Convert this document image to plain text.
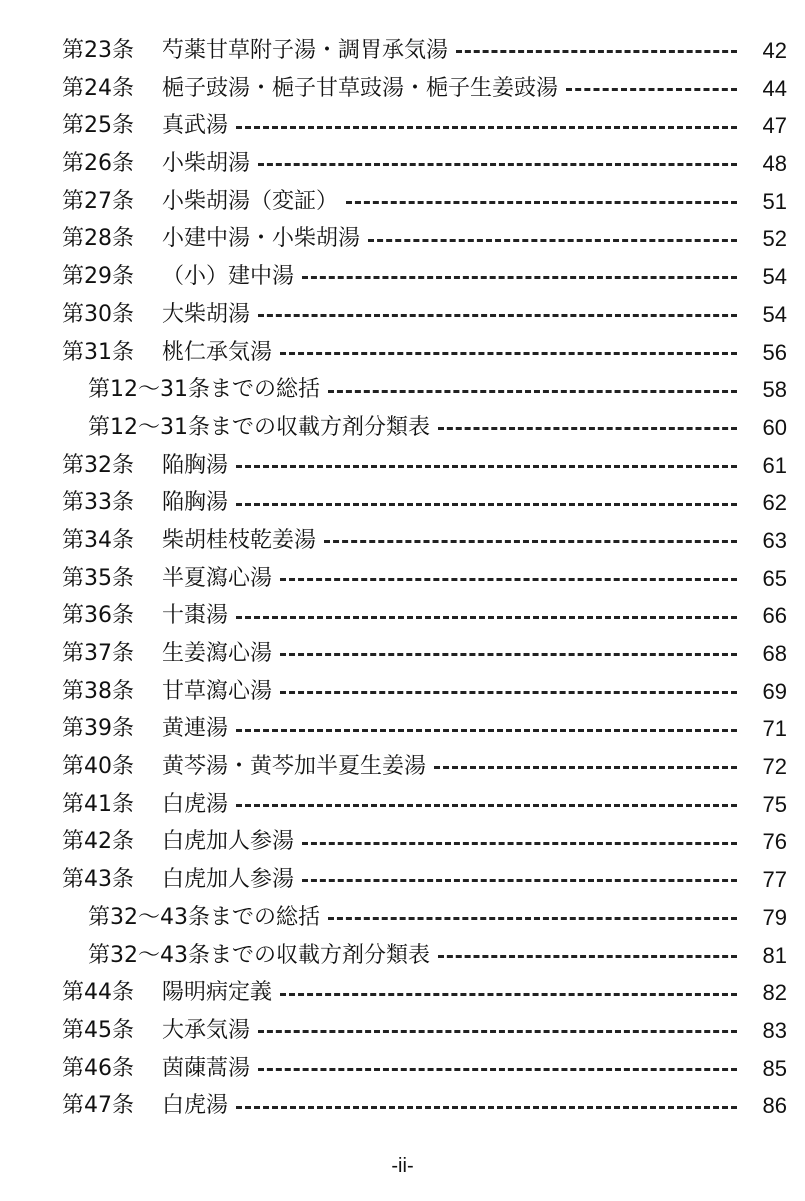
第23条 芍薬甘草附子湯・調胃承気湯	42
第24条 梔子豉湯・梔子甘草豉湯・梔子生姜豉湯	44
第25条 真武湯	47
第26条 小柴胡湯	48
第27条 小柴胡湯（変証）	51
第28条 小建中湯・小柴胡湯	52
第29条 （小）建中湯	54
第30条 大柴胡湯	54
第31条 桃仁承気湯	56
第12～31条までの総括	58
第12～31条までの収載方剤分類表	60
第32条 陥胸湯	61
第33条 陥胸湯	62
第34条 柴胡桂枝乾姜湯	63
第35条 半夏瀉心湯	65
第36条 十棗湯	66
第37条 生姜瀉心湯	68
第38条 甘草瀉心湯	69
第39条 黄連湯	71
第40条 黄芩湯・黄芩加半夏生姜湯	72
第41条 白虎湯	75
第42条 白虎加人参湯	76
第43条 白虎加人参湯	77
第32～43条までの総括	79
第32～43条までの収載方剤分類表	81
第44条 陽明病定義	82
第45条 大承気湯	83
第46条 茵蔯蒿湯	85
第47条 白虎湯	86
-ii-
